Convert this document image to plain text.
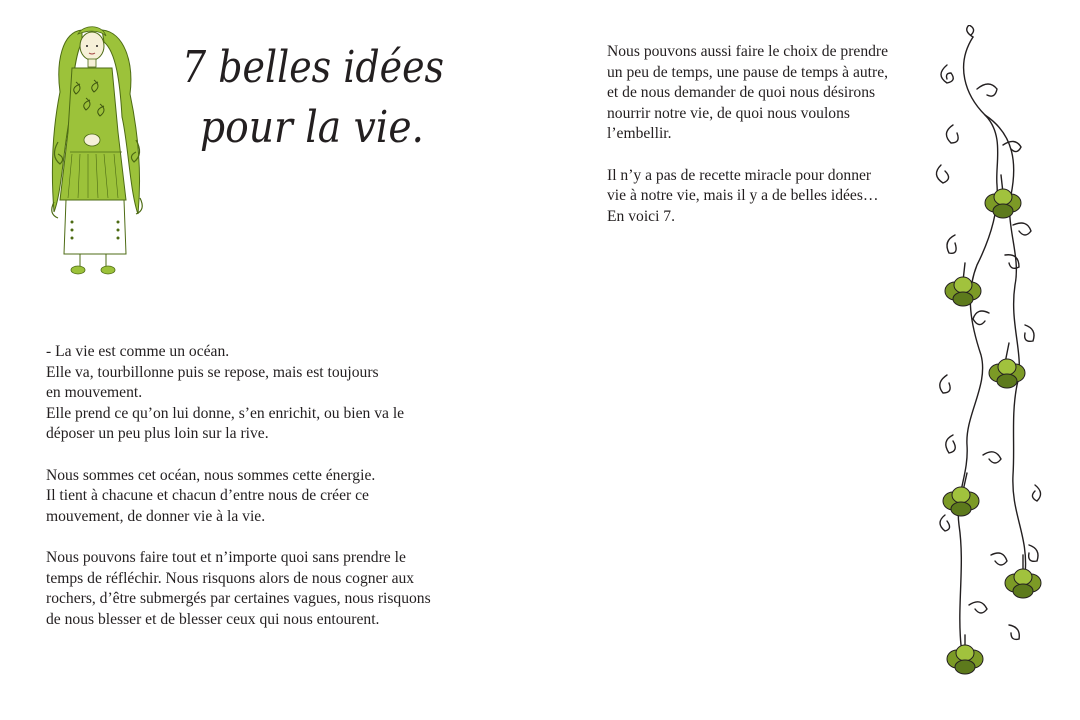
7 belles idées
pour la vie.

Nous pouvons aussi faire le choix de prendre

un peu de temps, une pause de temps à autre,

et de nous demander de quoi nous désirons

nourrir notre vie, de quoi nous voulons

l’embellir.

Il n’y a pas de recette miracle pour donner

vie à notre vie, mais il y a de belles idées…

En voici 7.

- La vie est comme un océan.

Elle va, tourbillonne puis se repose, mais est toujours

en mouvement.

Elle prend ce qu’on lui donne, s’en enrichit, ou bien va le

déposer un peu plus loin sur la rive.

Nous sommes cet océan, nous sommes cette énergie.

Il tient à chacune et chacun d’entre nous de créer ce

mouvement, de donner vie à la vie.

Nous pouvons faire tout et n’importe quoi sans prendre le

temps de réfléchir. Nous risquons alors de nous cogner aux

rochers, d’être submergés par certaines vagues, nous risquons

de nous blesser et de blesser ceux qui nous entourent.
